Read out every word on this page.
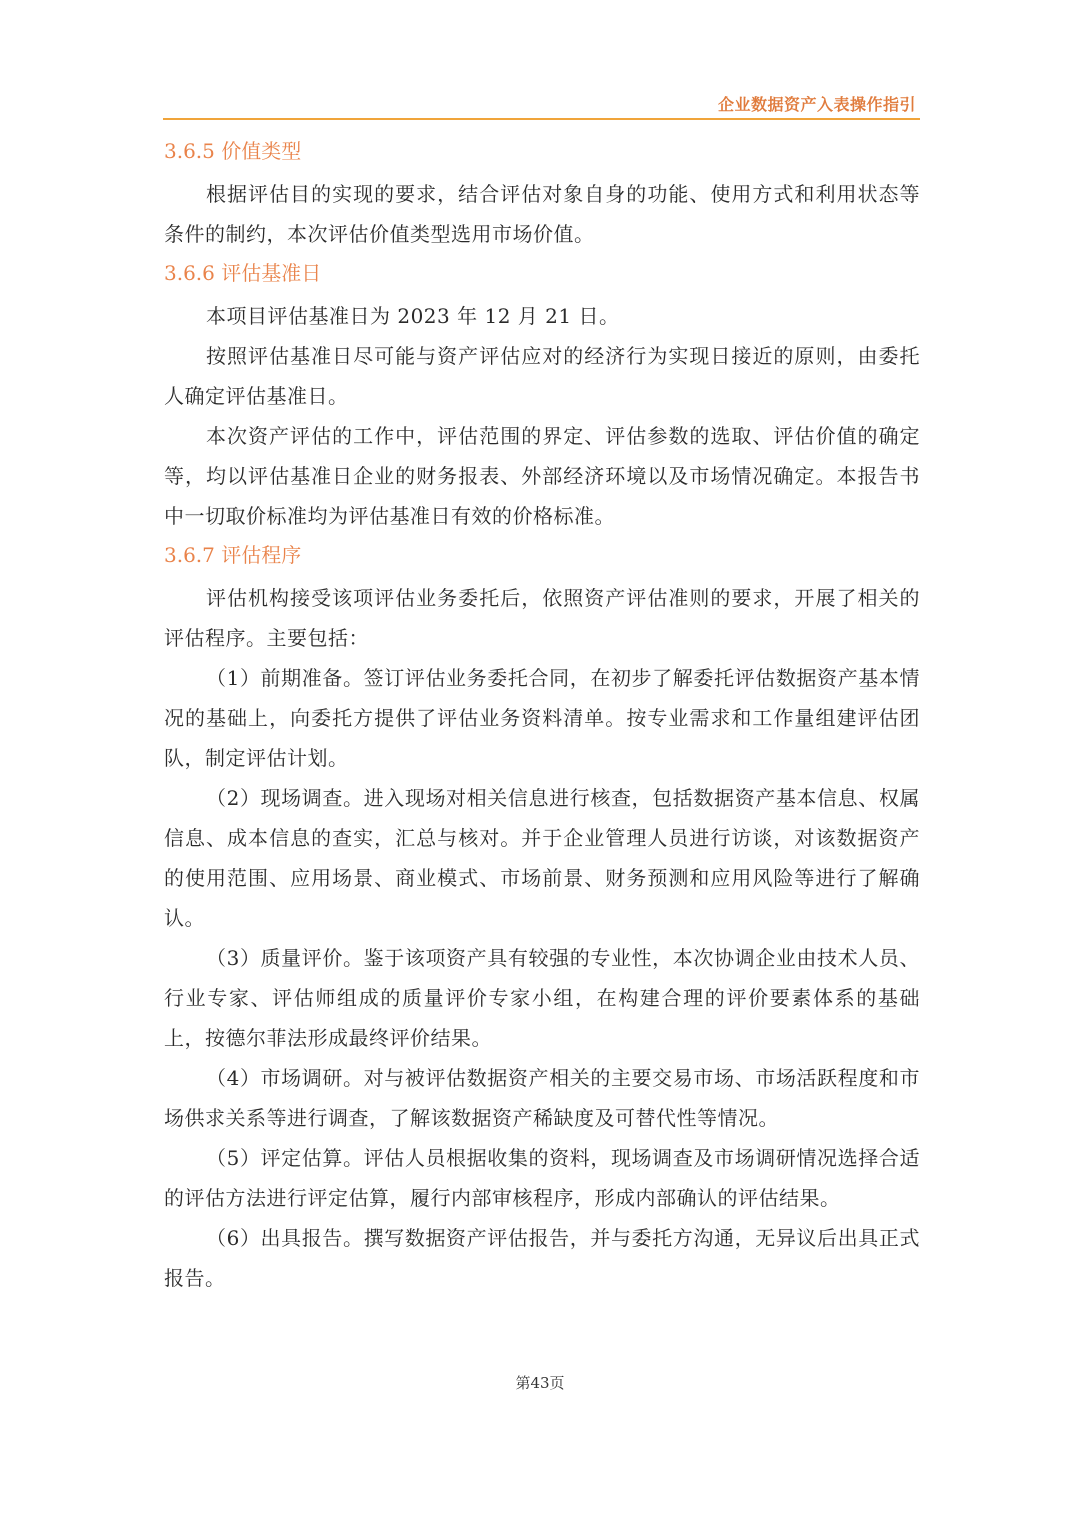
企业数据资产入表操作指引
3.6.5 价值类型

根据评估目的实现的要求，结合评估对象自身的功能、使用方式和利用状态等条件的制约，本次评估价值类型选用市场价值。

3.6.6 评估基准日

本项目评估基准日为 2023 年 12 月 21 日。

按照评估基准日尽可能与资产评估应对的经济行为实现日接近的原则，由委托人确定评估基准日。

本次资产评估的工作中，评估范围的界定、评估参数的选取、评估价值的确定等，均以评估基准日企业的财务报表、外部经济环境以及市场情况确定。本报告书中一切取价标准均为评估基准日有效的价格标准。

3.6.7 评估程序

评估机构接受该项评估业务委托后，依照资产评估准则的要求，开展了相关的评估程序。主要包括：

（1）前期准备。签订评估业务委托合同，在初步了解委托评估数据资产基本情况的基础上，向委托方提供了评估业务资料清单。按专业需求和工作量组建评估团队，制定评估计划。

（2）现场调查。进入现场对相关信息进行核查，包括数据资产基本信息、权属信息、成本信息的查实，汇总与核对。并于企业管理人员进行访谈，对该数据资产的使用范围、应用场景、商业模式、市场前景、财务预测和应用风险等进行了解确认。

（3）质量评价。鉴于该项资产具有较强的专业性，本次协调企业由技术人员、行业专家、评估师组成的质量评价专家小组，在构建合理的评价要素体系的基础上，按德尔菲法形成最终评价结果。

（4）市场调研。对与被评估数据资产相关的主要交易市场、市场活跃程度和市场供求关系等进行调查，了解该数据资产稀缺度及可替代性等情况。

（5）评定估算。评估人员根据收集的资料，现场调查及市场调研情况选择合适的评估方法进行评定估算，履行内部审核程序，形成内部确认的评估结果。

（6）出具报告。撰写数据资产评估报告，并与委托方沟通，无异议后出具正式报告。

第43页
